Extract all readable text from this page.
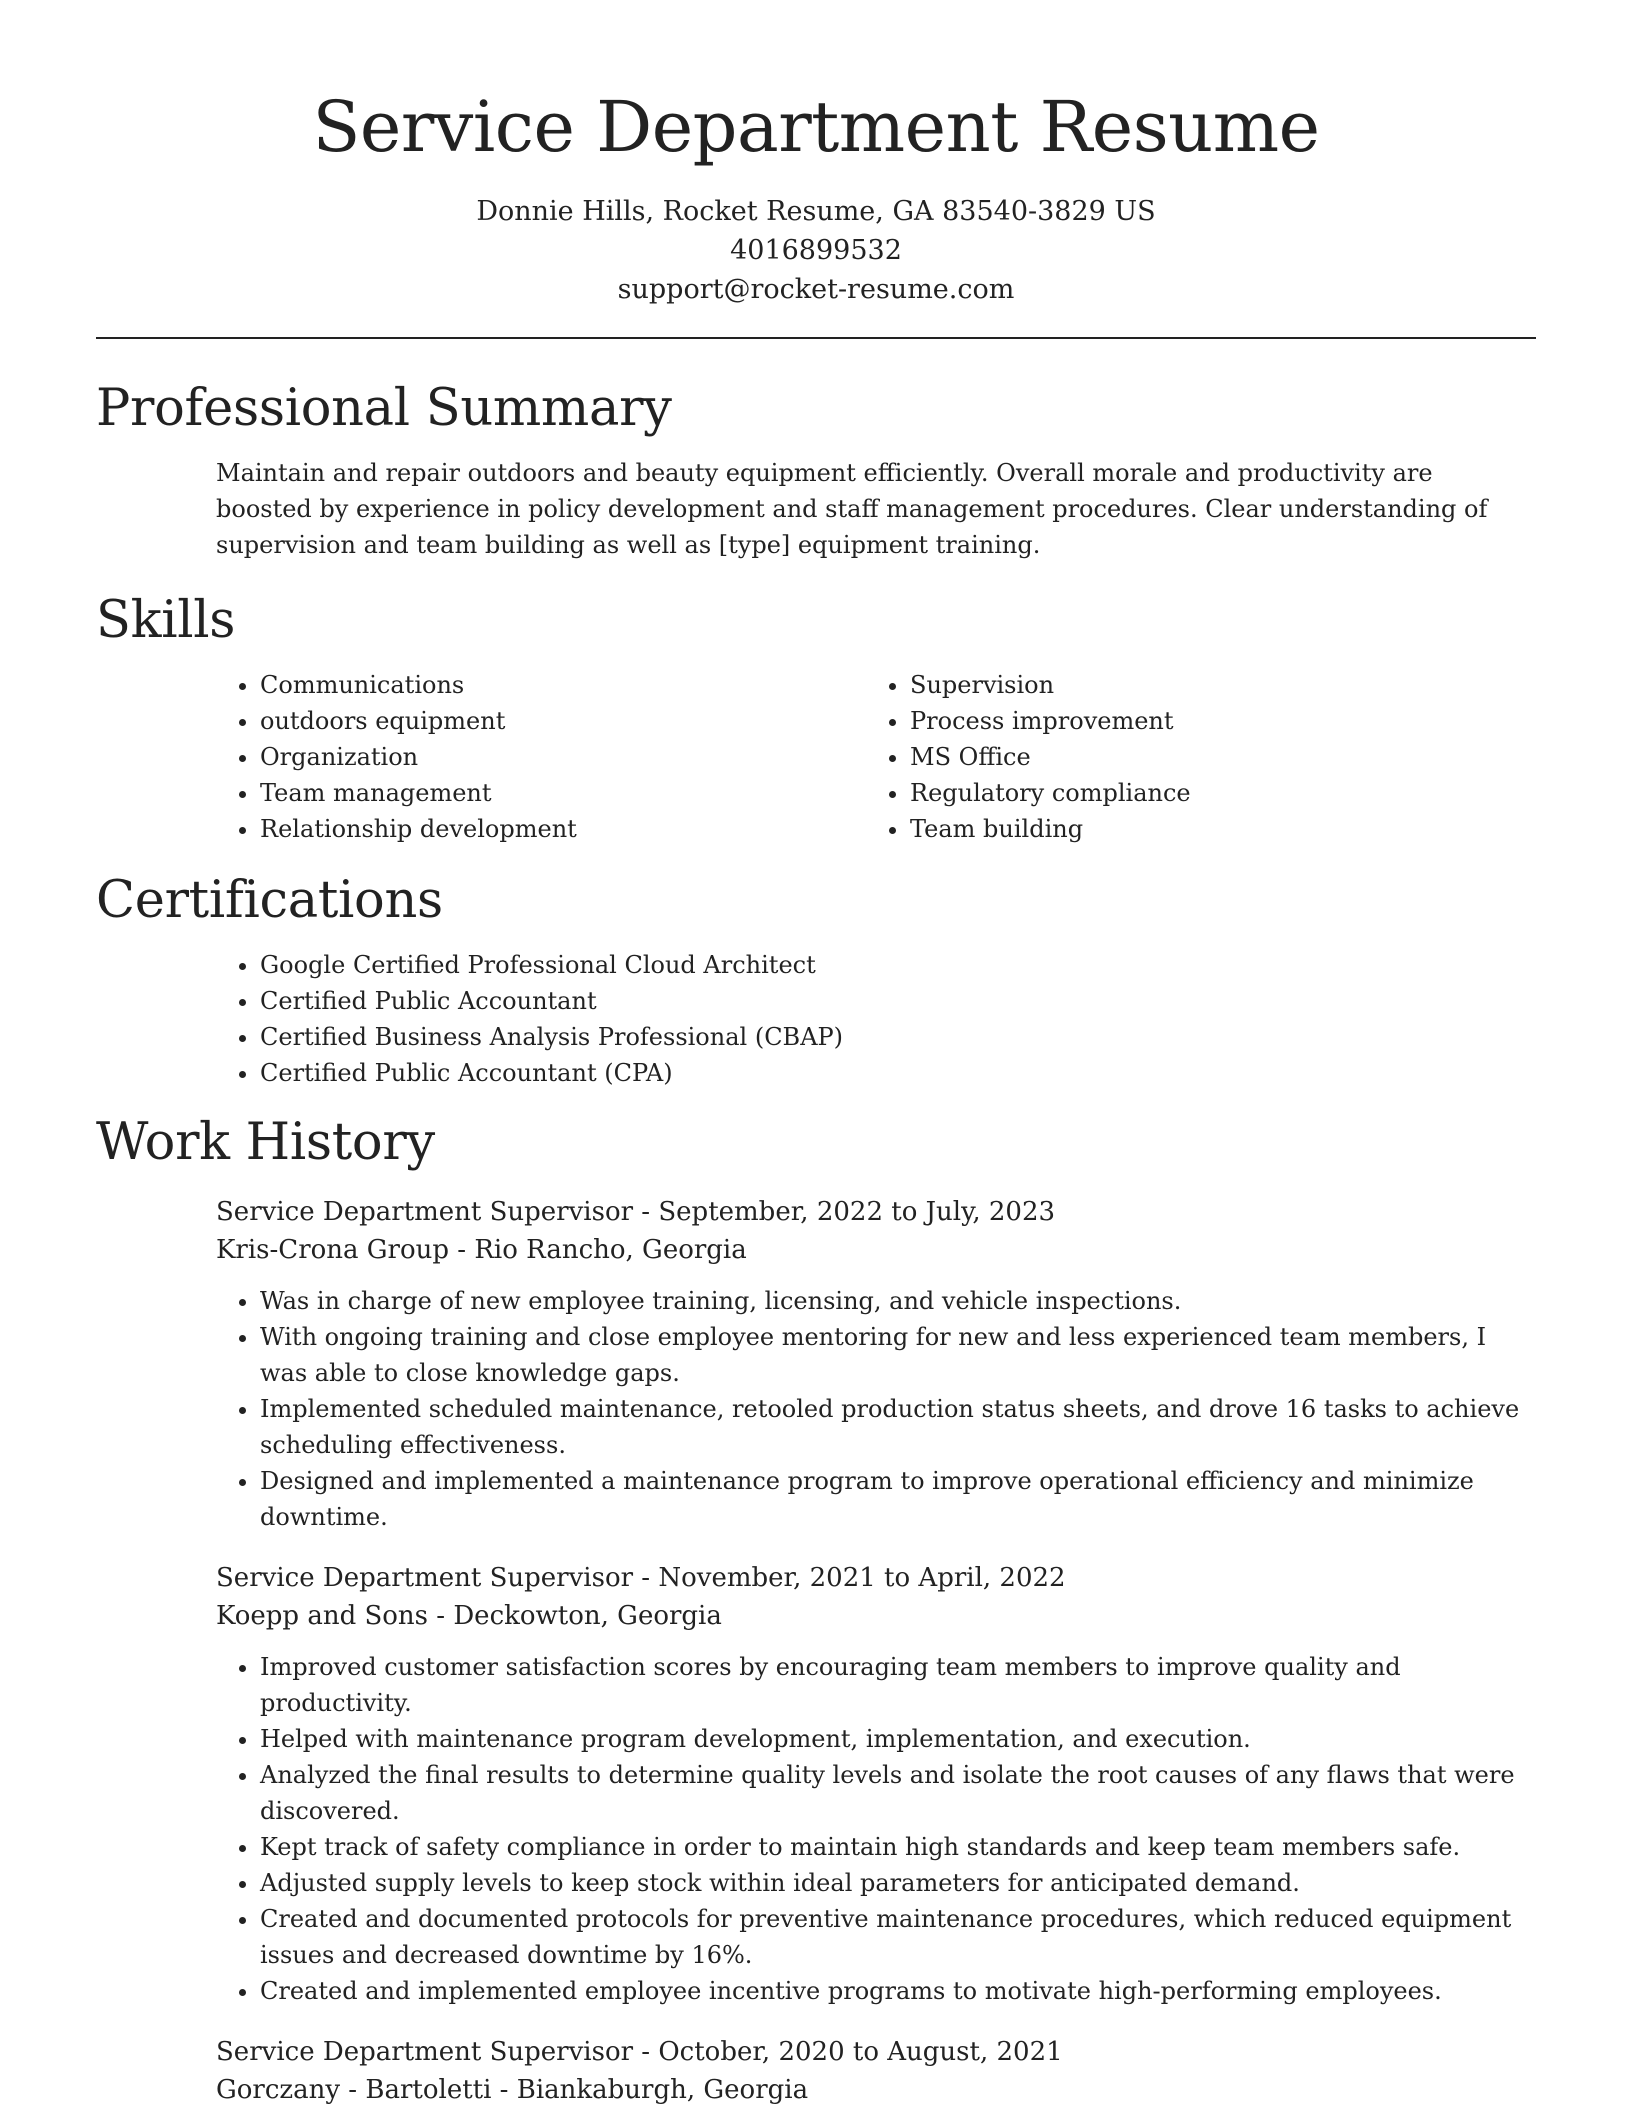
Service Department Resume
Donnie Hills, Rocket Resume, GA 83540-3829 US
4016899532
support@rocket-resume.com
Professional Summary
Maintain and repair outdoors and beauty equipment efficiently. Overall morale and productivity are boosted by experience in policy development and staff management procedures. Clear understanding of supervision and team building as well as [type] equipment training.
Skills
• Communications
• outdoors equipment
• Organization
• Team management
• Relationship development
• Supervision
• Process improvement
• MS Office
• Regulatory compliance
• Team building
Certifications
• Google Certified Professional Cloud Architect
• Certified Public Accountant
• Certified Business Analysis Professional (CBAP)
• Certified Public Accountant (CPA)
Work History
Service Department Supervisor - September, 2022 to July, 2023
Kris-Crona Group - Rio Rancho, Georgia
• Was in charge of new employee training, licensing, and vehicle inspections.
• With ongoing training and close employee mentoring for new and less experienced team members, I was able to close knowledge gaps.
• Implemented scheduled maintenance, retooled production status sheets, and drove 16 tasks to achieve scheduling effectiveness.
• Designed and implemented a maintenance program to improve operational efficiency and minimize downtime.
Service Department Supervisor - November, 2021 to April, 2022
Koepp and Sons - Deckowton, Georgia
• Improved customer satisfaction scores by encouraging team members to improve quality and productivity.
• Helped with maintenance program development, implementation, and execution.
• Analyzed the final results to determine quality levels and isolate the root causes of any flaws that were discovered.
• Kept track of safety compliance in order to maintain high standards and keep team members safe.
• Adjusted supply levels to keep stock within ideal parameters for anticipated demand.
• Created and documented protocols for preventive maintenance procedures, which reduced equipment issues and decreased downtime by 16%.
• Created and implemented employee incentive programs to motivate high-performing employees.
Service Department Supervisor - October, 2020 to August, 2021
Gorczany - Bartoletti - Biankaburgh, Georgia
